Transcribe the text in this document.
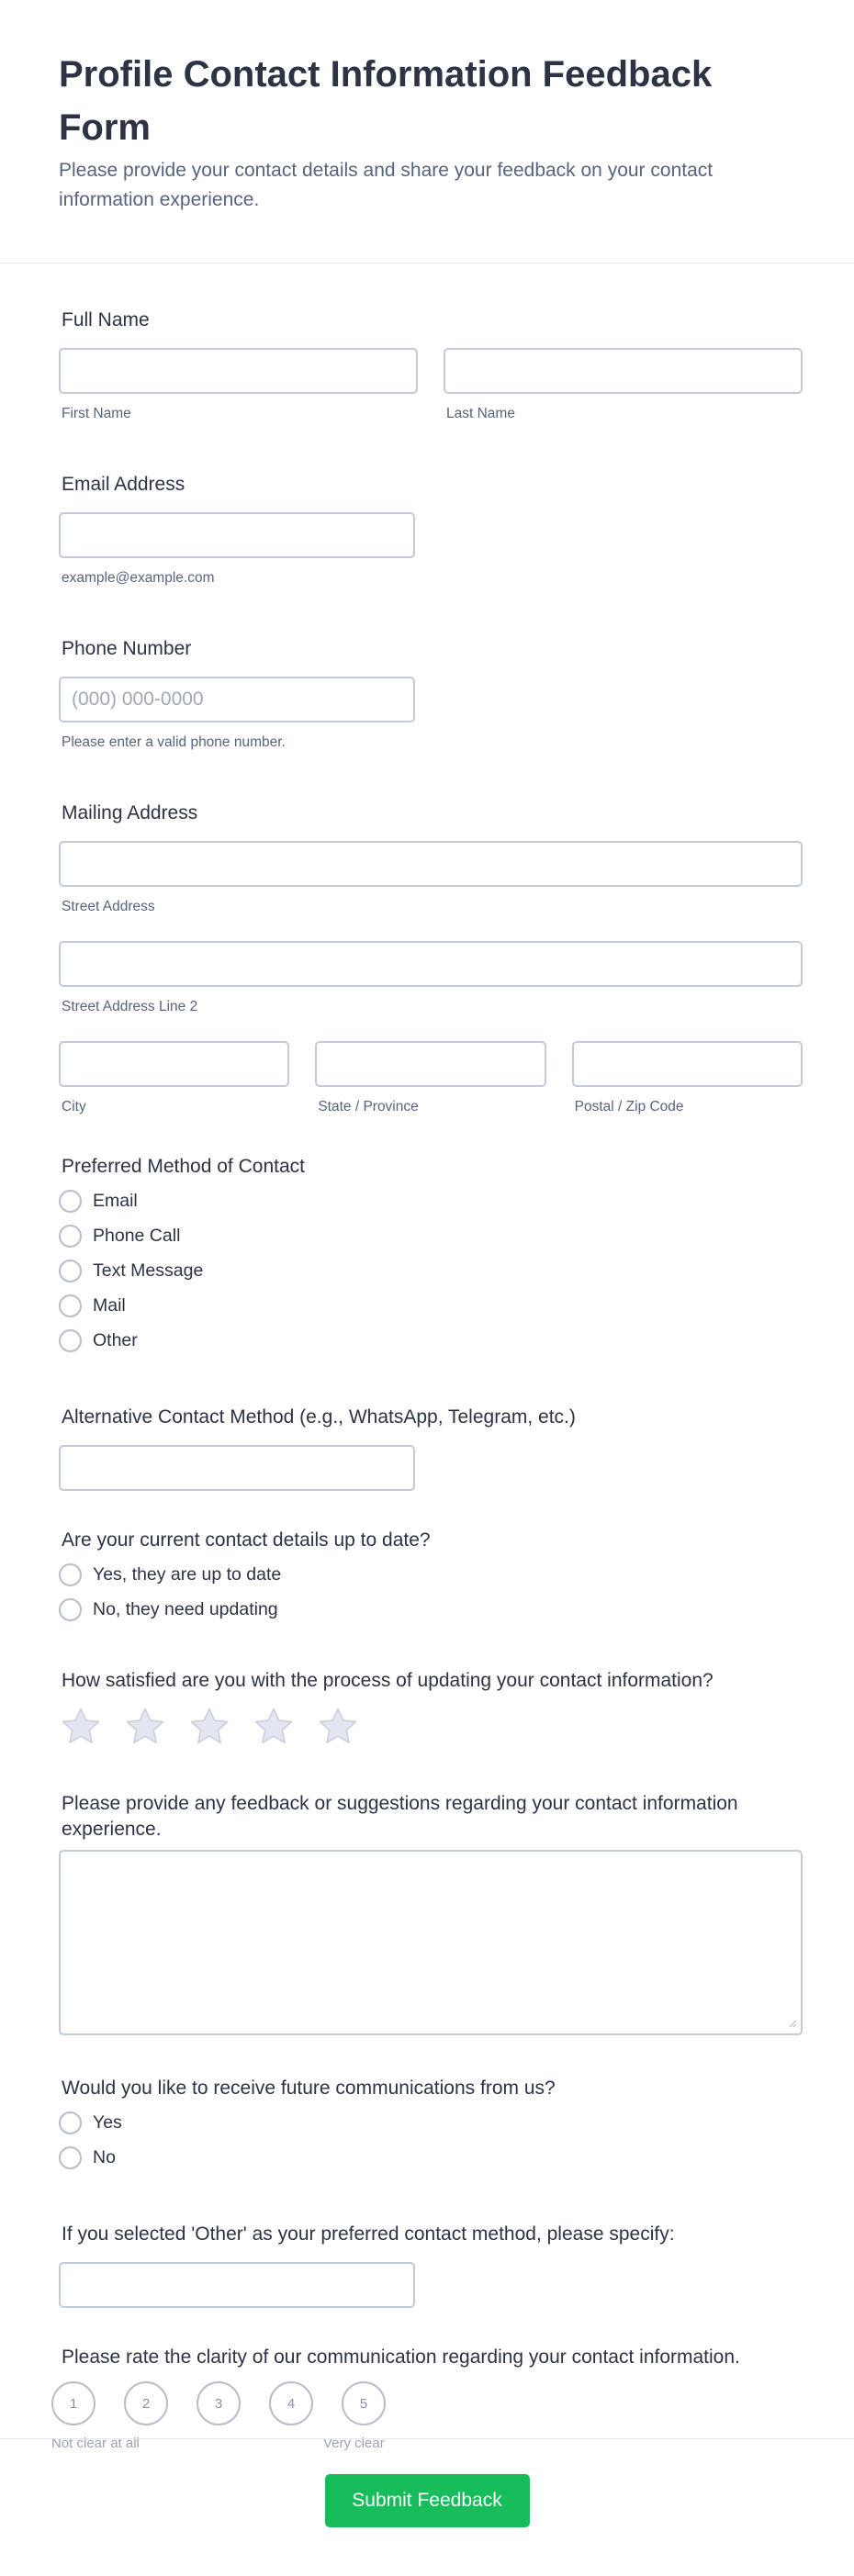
Profile Contact Information Feedback Form

Please provide your contact details and share your feedback on your contact information experience.

Full Name
First Name	Last Name
Email Address
example@example.com
Phone Number
(000) 000-0000
Please enter a valid phone number.
Mailing Address
Street Address
Street Address Line 2
City	State / Province	Postal / Zip Code
Preferred Method of Contact
Email
Phone Call
Text Message
Mail
Other
Alternative Contact Method (e.g., WhatsApp, Telegram, etc.)
Are your current contact details up to date?
Yes, they are up to date
No, they need updating
How satisfied are you with the process of updating your contact information?
Please provide any feedback or suggestions regarding your contact information experience.
Would you like to receive future communications from us?
Yes
No
If you selected 'Other' as your preferred contact method, please specify:
Please rate the clarity of our communication regarding your contact information.
1	2	3	4	5
Not clear at all	Very clear
Submit Feedback
